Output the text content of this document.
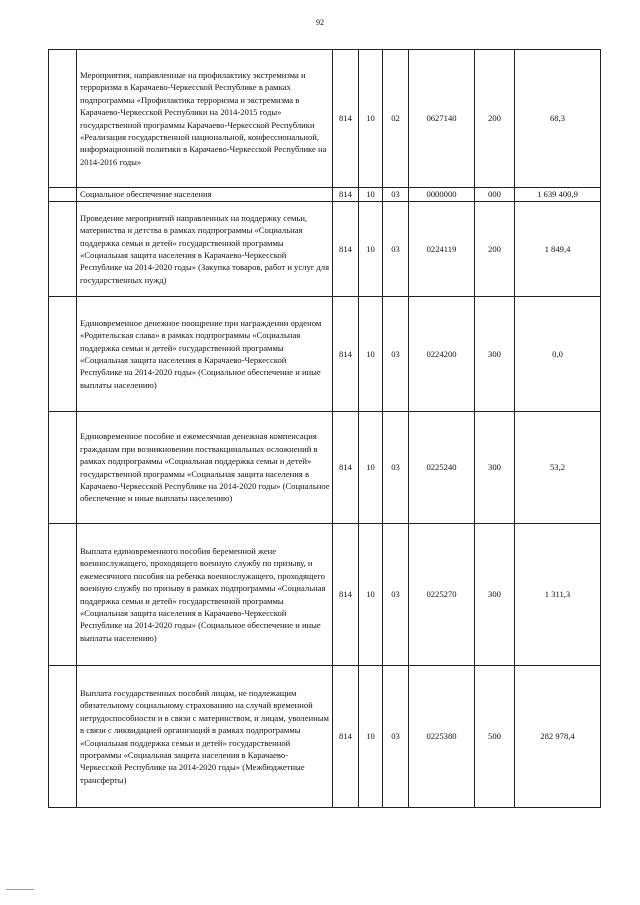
92
	Мероприятия, направленные на профилактику экстремизма и терроризма в Карачаево-Черкесской Республике в рамках подпрограммы «Профилактика терроризма и экстремизма в Карачаево-Черкесской Республики на 2014-2015 годы» государственной программы Карачаево-Черкесской Республики «Реализация государственной национальной, конфессиональной, информационной политики в Карачаево-Черкесской Республике на 2014-2016 годы»	814	10	02	0627140	200	68,3
	Социальное обеспечение населения	814	10	03	0000000	000	1 639 400,9
	Проведение мероприятий направленных на поддержку семьи, материнства и детства в рамках подпрограммы «Социальная поддержка семьи и детей» государственной программы «Социальная защита населения в Карачаево-Черкесской Республике на 2014-2020 годы» (Закупка товаров, работ и услуг для государственных нужд)	814	10	03	0224119	200	1 849,4
	Единовременное денежное поощрение при награждении орденом «Родительская слава» в рамках подпрограммы «Социальная поддержка семьи и детей» государственной программы «Социальная защита населения в Карачаево-Черкесской Республике на 2014-2020 годы» (Социальное обеспечение и иные выплаты населению)	814	10	03	0224200	300	0,0
	Единовременное пособие и ежемесячная денежная компенсация гражданам при возникновении поствакцинальных осложнений в рамках подпрограммы «Социальная поддержка семьи и детей» государственной программы «Социальная защита населения в Карачаево-Черкесской Республике на 2014-2020 годы» (Социальное обеспечение и иные выплаты населению)	814	10	03	0225240	300	53,2
	Выплата единовременного пособия беременной жене военнослужащего, проходящего военную службу по призыву, и ежемесячного пособия на ребенка военнослужащего, проходящего военную службу по призыву в рамках подпрограммы «Социальная поддержка семьи и детей» государственной программы «Социальная защита населения в Карачаево-Черкесской Республике на 2014-2020 годы» (Социальное обеспечение и иные выплаты населению)	814	10	03	0225270	300	1 311,3
	Выплата государственных пособий лицам, не подлежащим обязательному социальному страхованию на случай временной нетрудоспособности и в связи с материнством, и лицам, уволенным в связи с ликвидацией организаций в рамках подпрограммы «Социальная поддержка семьи и детей» государственной программы «Социальная защита населения в Карачаево-Черкесской Республике на 2014-2020 годы» (Межбюджетные трансферты)	814	10	03	0225380	500	282 978,4
